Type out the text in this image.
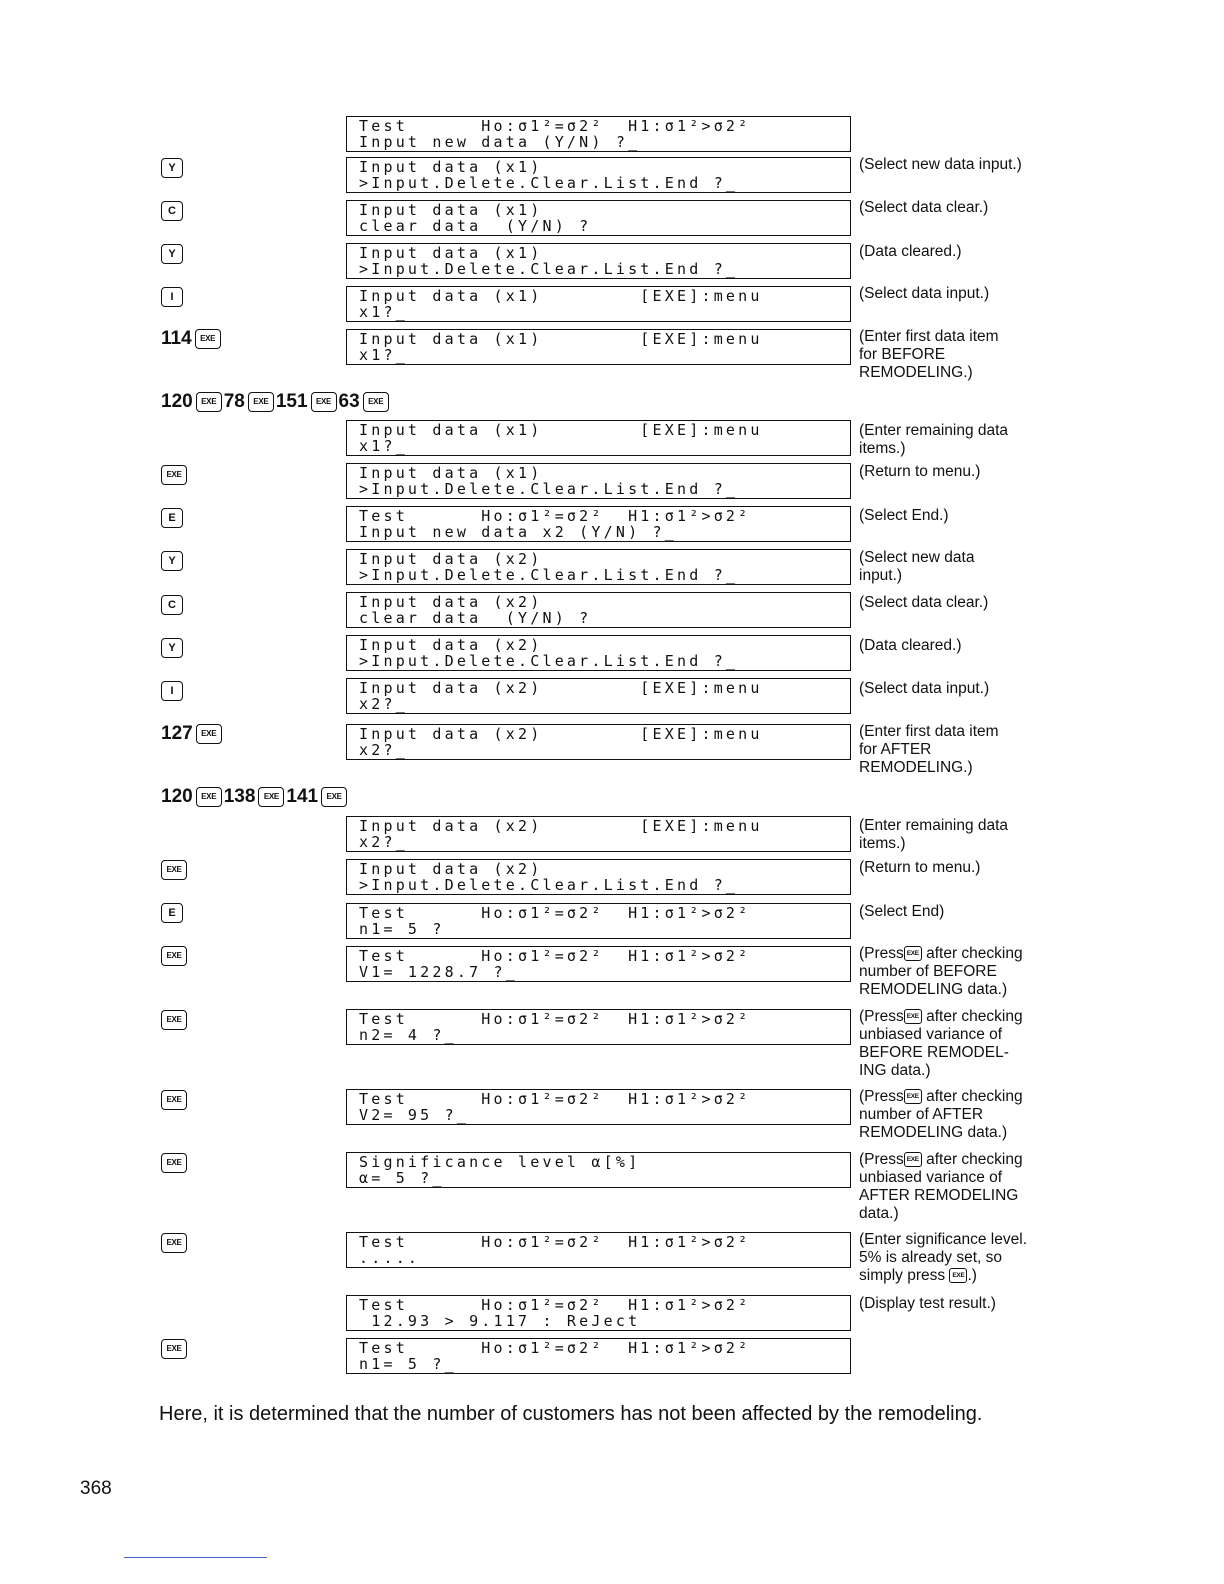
Y
C
Y
I
114 EXE
120 EXE 78 EXE 151 EXE 63 EXE
EXE
E
Y
C
Y
I
127 EXE
120 EXE 138 EXE 141 EXE
EXE
E
EXE
EXE
EXE
EXE
EXE
EXE
Test      Ho:σ1²=σ2²  H1:σ1²>σ2²
Input new data (Y/N) ?_
Input data (x1)
>Input.Delete.Clear.List.End ?_
Input data (x1)
clear data  (Y/N) ?
Input data (x1)
>Input.Delete.Clear.List.End ?_
Input data (x1)        [EXE]:menu
x1?_
Input data (x1)        [EXE]:menu
x1?_
Input data (x1)        [EXE]:menu
x1?_
Input data (x1)
>Input.Delete.Clear.List.End ?_
Test      Ho:σ1²=σ2²  H1:σ1²>σ2²
Input new data x2 (Y/N) ?_
Input data (x2)
>Input.Delete.Clear.List.End ?_
Input data (x2)
clear data  (Y/N) ?
Input data (x2)
>Input.Delete.Clear.List.End ?_
Input data (x2)        [EXE]:menu
x2?_
Input data (x2)        [EXE]:menu
x2?_
Input data (x2)        [EXE]:menu
x2?_
Input data (x2)
>Input.Delete.Clear.List.End ?_
Test      Ho:σ1²=σ2²  H1:σ1²>σ2²
n1= 5 ?
Test      Ho:σ1²=σ2²  H1:σ1²>σ2²
V1= 1228.7 ?_
Test      Ho:σ1²=σ2²  H1:σ1²>σ2²
n2= 4 ?_
Test      Ho:σ1²=σ2²  H1:σ1²>σ2²
V2= 95 ?_
Significance level α[%]
α= 5 ?_
Test      Ho:σ1²=σ2²  H1:σ1²>σ2²
.....
Test      Ho:σ1²=σ2²  H1:σ1²>σ2²
12.93 > 9.117 : ReJect
Test      Ho:σ1²=σ2²  H1:σ1²>σ2²
n1= 5 ?_
(Select new data input.)
(Select data clear.)
(Data cleared.)
(Select data input.)
(Enter first data item
for BEFORE
REMODELING.)
(Enter remaining data
items.)
(Return to menu.)
(Select End.)
(Select new data
input.)
(Select data clear.)
(Data cleared.)
(Select data input.)
(Enter first data item
for AFTER
REMODELING.)
(Enter remaining data
items.)
(Return to menu.)
(Select End)
(Press EXE after checking
number of BEFORE
REMODELING data.)
(Press EXE after checking
unbiased variance of
BEFORE REMODEL-
ING data.)
(Press EXE after checking
number of AFTER
REMODELING data.)
(Press EXE after checking
unbiased variance of
AFTER REMODELING
data.)
(Enter significance level.
5% is already set, so
simply press EXE .)
(Display test result.)
Here, it is determined that the number of customers has not been affected by the remodeling.
368
